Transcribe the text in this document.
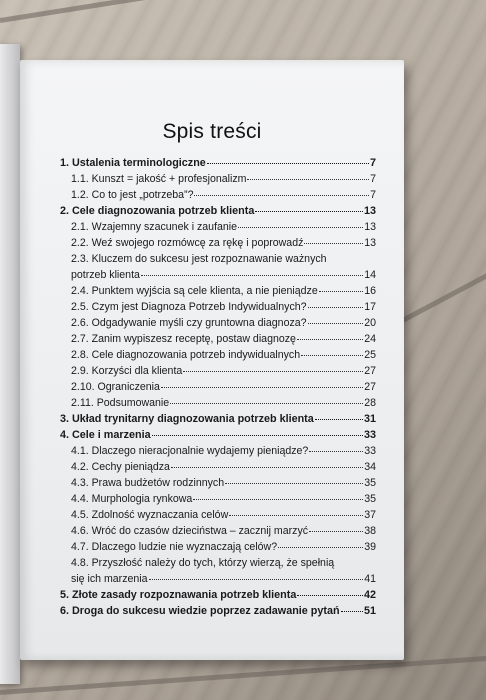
Spis treści
1. Ustalenia terminologiczne	7
1.1. Kunszt = jakość + profesjonalizm	7
1.2. Co to jest „potrzeba”?	7
2. Cele diagnozowania potrzeb klienta	13
2.1. Wzajemny szacunek i zaufanie	13
2.2. Weź swojego rozmówcę za rękę i poprowadź	13
2.3. Kluczem do sukcesu jest rozpoznawanie ważnych
potrzeb klienta	14
2.4. Punktem wyjścia są cele klienta, a nie pieniądze	16
2.5. Czym jest Diagnoza Potrzeb Indywidualnych?	17
2.6. Odgadywanie myśli czy gruntowna diagnoza?	20
2.7. Zanim wypiszesz receptę, postaw diagnozę	24
2.8. Cele diagnozowania potrzeb indywidualnych	25
2.9. Korzyści dla klienta	27
2.10. Ograniczenia	27
2.11. Podsumowanie	28
3. Układ trynitarny diagnozowania potrzeb klienta	31
4. Cele i marzenia	33
4.1. Dlaczego nieracjonalnie wydajemy pieniądze?	33
4.2. Cechy pieniądza	34
4.3. Prawa budżetów rodzinnych	35
4.4. Murphologia rynkowa	35
4.5. Zdolność wyznaczania celów	37
4.6. Wróć do czasów dzieciństwa – zacznij marzyć	38
4.7. Dlaczego ludzie nie wyznaczają celów?	39
4.8. Przyszłość należy do tych, którzy wierzą, że spełnią
się ich marzenia	41
5. Złote zasady rozpoznawania potrzeb klienta	42
6. Droga do sukcesu wiedzie poprzez zadawanie pytań 51
